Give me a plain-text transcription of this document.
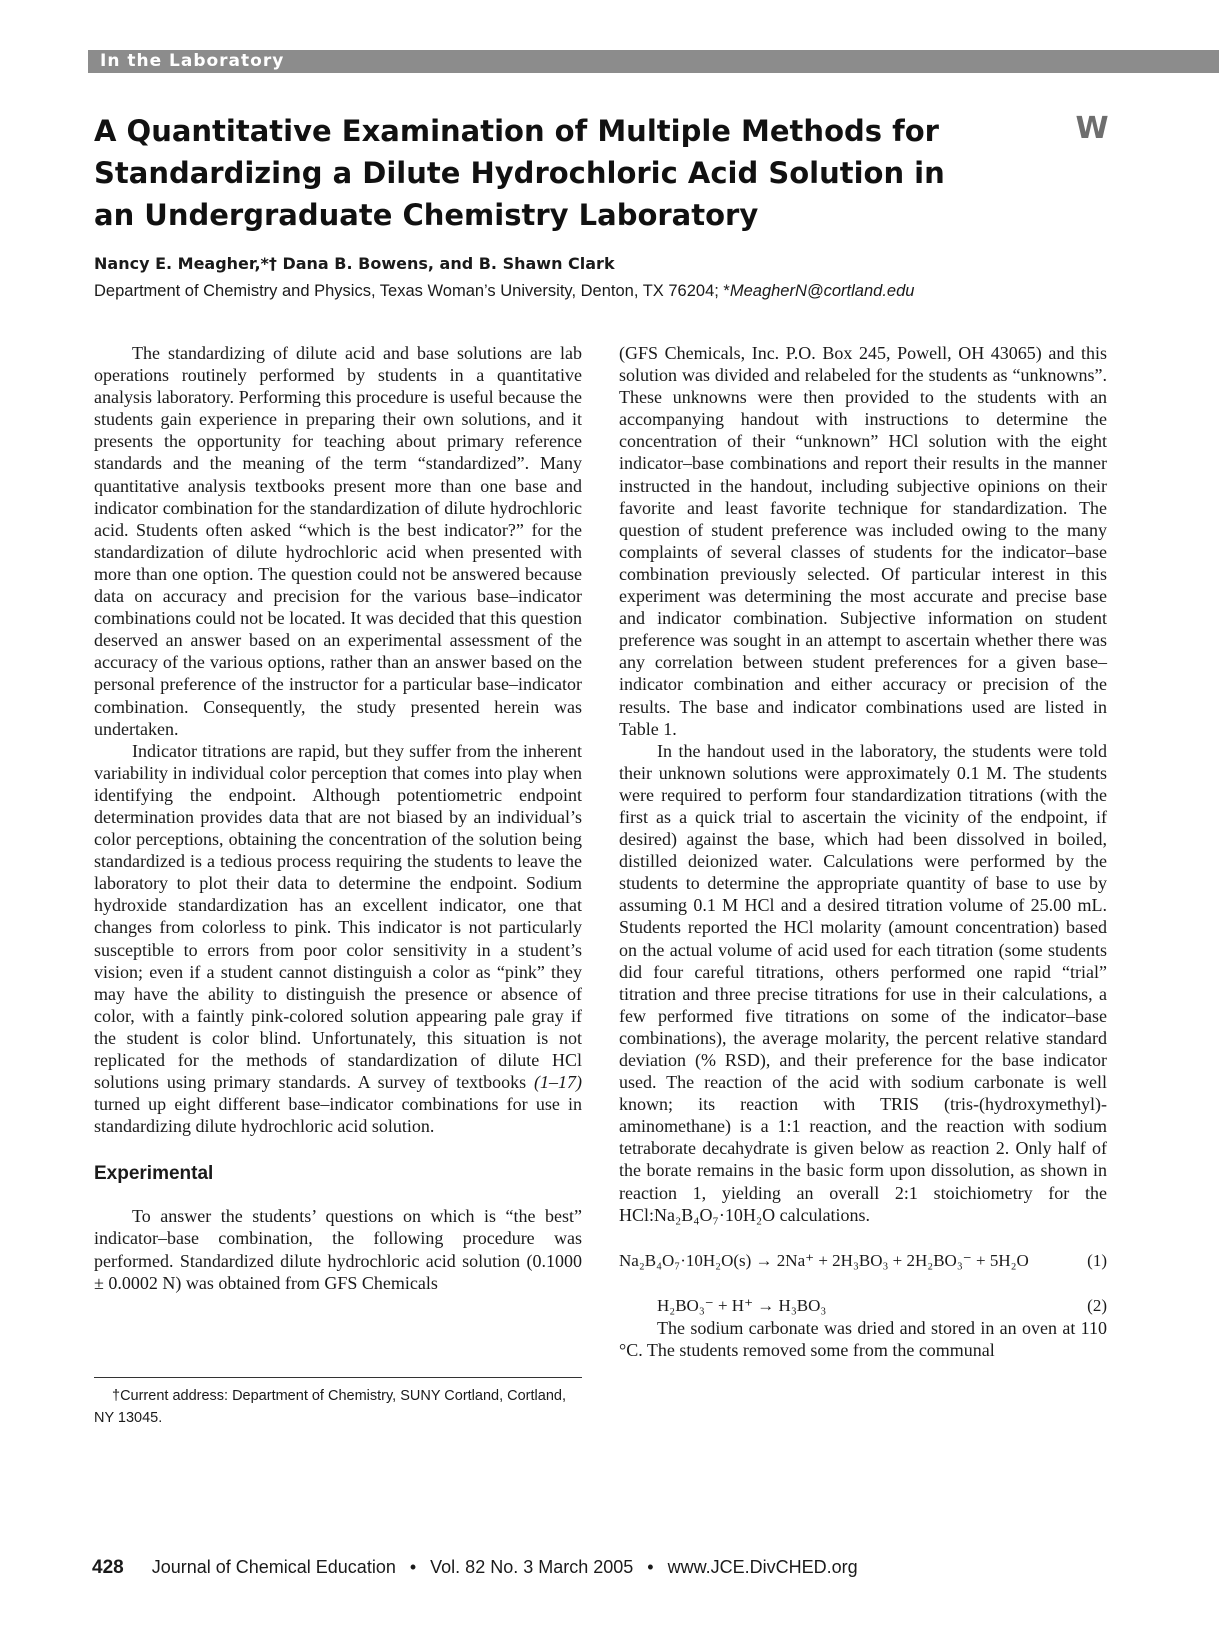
In the Laboratory
W
A Quantitative Examination of Multiple Methods for Standardizing a Dilute Hydrochloric Acid Solution in an Undergraduate Chemistry Laboratory
Nancy E. Meagher,*† Dana B. Bowens, and B. Shawn Clark
Department of Chemistry and Physics, Texas Woman’s University, Denton, TX 76204; *MeagherN@cortland.edu

The standardizing of dilute acid and base solutions are lab operations routinely performed by students in a quantitative analysis laboratory. Performing this procedure is useful because the students gain experience in preparing their own solutions, and it presents the opportunity for teaching about primary reference standards and the meaning of the term “standardized”. Many quantitative analysis textbooks present more than one base and indicator combination for the standardization of dilute hydrochloric acid. Students often asked “which is the best indicator?” for the standardization of dilute hydrochloric acid when presented with more than one option. The question could not be answered because data on accuracy and precision for the various base–indicator combinations could not be located. It was decided that this question deserved an answer based on an experimental assessment of the accuracy of the various options, rather than an answer based on the personal preference of the instructor for a particular base–indicator combination. Consequently, the study presented herein was undertaken.

Indicator titrations are rapid, but they suffer from the inherent variability in individual color perception that comes into play when identifying the endpoint. Although potentiometric endpoint determination provides data that are not biased by an individual’s color perceptions, obtaining the concentration of the solution being standardized is a tedious process requiring the students to leave the laboratory to plot their data to determine the endpoint. Sodium hydroxide standardization has an excellent indicator, one that changes from colorless to pink. This indicator is not particularly susceptible to errors from poor color sensitivity in a student’s vision; even if a student cannot distinguish a color as “pink” they may have the ability to distinguish the presence or absence of color, with a faintly pink-colored solution appearing pale gray if the student is color blind. Unfortunately, this situation is not replicated for the methods of standardization of dilute HCl solutions using primary standards. A survey of textbooks (1–17) turned up eight different base–indicator combinations for use in standardizing dilute hydrochloric acid solution.

Experimental

To answer the students’ questions on which is “the best” indicator–base combination, the following procedure was performed. Standardized dilute hydrochloric acid solution (0.1000 ± 0.0002 N) was obtained from GFS Chemicals

(GFS Chemicals, Inc. P.O. Box 245, Powell, OH 43065) and this solution was divided and relabeled for the students as “unknowns”. These unknowns were then provided to the students with an accompanying handout with instructions to determine the concentration of their “unknown” HCl solution with the eight indicator–base combinations and report their results in the manner instructed in the handout, including subjective opinions on their favorite and least favorite technique for standardization. The question of student preference was included owing to the many complaints of several classes of students for the indicator–base combination previously selected. Of particular interest in this experiment was determining the most accurate and precise base and indicator combination. Subjective information on student preference was sought in an attempt to ascertain whether there was any correlation between student preferences for a given base–indicator combination and either accuracy or precision of the results. The base and indicator combinations used are listed in Table 1.

In the handout used in the laboratory, the students were told their unknown solutions were approximately 0.1 M. The students were required to perform four standardization titrations (with the first as a quick trial to ascertain the vicinity of the endpoint, if desired) against the base, which had been dissolved in boiled, distilled deionized water. Calculations were performed by the students to determine the appropriate quantity of base to use by assuming 0.1 M HCl and a desired titration volume of 25.00 mL. Students reported the HCl molarity (amount concentration) based on the actual volume of acid used for each titration (some students did four careful titrations, others performed one rapid “trial” titration and three precise titrations for use in their calculations, a few performed five titrations on some of the indicator–base combinations), the average molarity, the percent relative standard deviation (% RSD), and their preference for the base indicator used. The reaction of the acid with sodium carbonate is well known; its reaction with TRIS (tris-(hydroxymethyl)-aminomethane) is a 1:1 reaction, and the reaction with sodium tetraborate decahydrate is given below as reaction 2. Only half of the borate remains in the basic form upon dissolution, as shown in reaction 1, yielding an overall 2:1 stoichiometry for the HCl:Na₂B₄O₇·10H₂O calculations.

Na₂B₄O₇·10H₂O(s) → 2Na⁺ + 2H₃BO₃ + 2H₂BO₃⁻ + 5H₂O	(1)
H₂BO₃⁻ + H⁺ → H₃BO₃	(2)

The sodium carbonate was dried and stored in an oven at 110 °C. The students removed some from the communal

†Current address: Department of Chemistry, SUNY Cortland, Cortland, NY 13045.
428 Journal of Chemical Education • Vol. 82 No. 3 March 2005 • www.JCE.DivCHED.org
